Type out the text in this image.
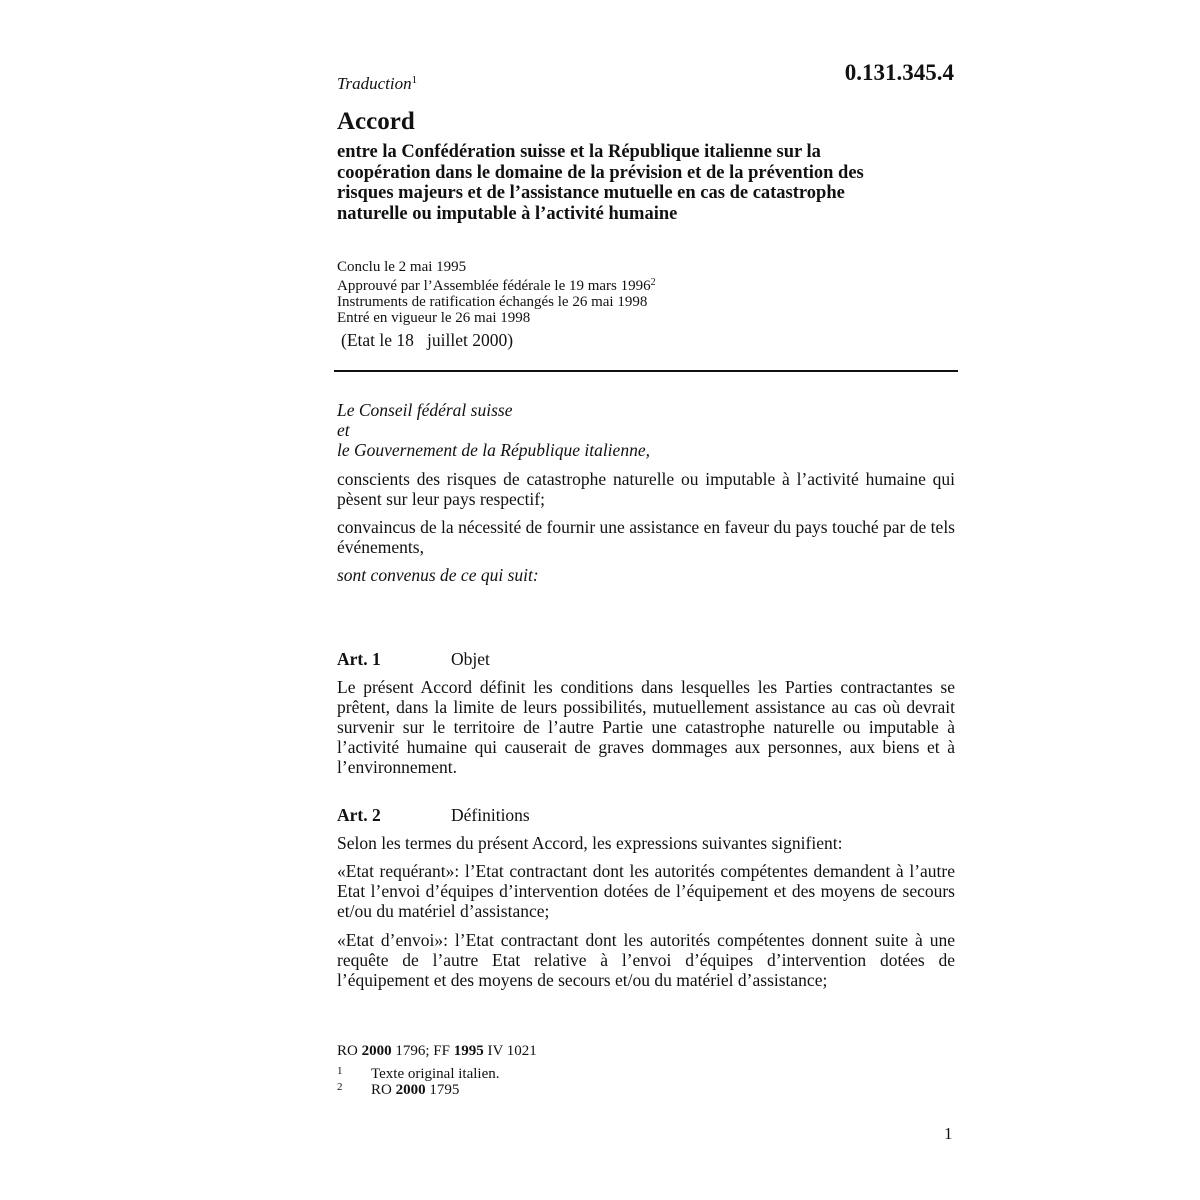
Traduction$^1$	0.131.345.4
Accord
entre la Confédération suisse et la République italienne sur la
coopération dans le domaine de la prévision et de la prévention des
risques majeurs et de l’assistance mutuelle en cas de catastrophe
naturelle ou imputable à l’activité humaine
Conclu le 2 mai 1995
Approuvé par l’Assemblée fédérale le 19 mars 1996$^2$
Instruments de ratification échangés le 26 mai 1998
Entré en vigueur le 26 mai 1998
(Etat le 18   juillet 2000)
Le Conseil fédéral suisse
et
le Gouvernement de la République italienne,
conscients des risques de catastrophe naturelle ou imputable à l’activité humaine qui pèsent sur leur pays respectif;
convaincus de la nécessité de fournir une assistance en faveur du pays touché par de tels événements,
sont convenus de ce qui suit:
Art. 1	Objet
Le présent Accord définit les conditions dans lesquelles les Parties contractantes se prêtent, dans la limite de leurs possibilités, mutuellement assistance au cas où devrait survenir sur le territoire de l’autre Partie une catastrophe naturelle ou imputable à l’activité humaine qui causerait de graves dommages aux personnes, aux biens et à l’environnement.
Art. 2	Définitions
Selon les termes du présent Accord, les expressions suivantes signifient:
«Etat requérant»: l’Etat contractant dont les autorités compétentes demandent à l’autre Etat l’envoi d’équipes d’intervention dotées de l’équipement et des moyens de secours et/ou du matériel d’assistance;
«Etat d’envoi»: l’Etat contractant dont les autorités compétentes donnent suite à une requête de l’autre Etat relative à l’envoi d’équipes d’intervention dotées de l’équipement et des moyens de secours et/ou du matériel d’assistance;
RO 2000 1796; FF 1995 IV 1021
1 Texte original italien.
2 RO 2000 1795
1
